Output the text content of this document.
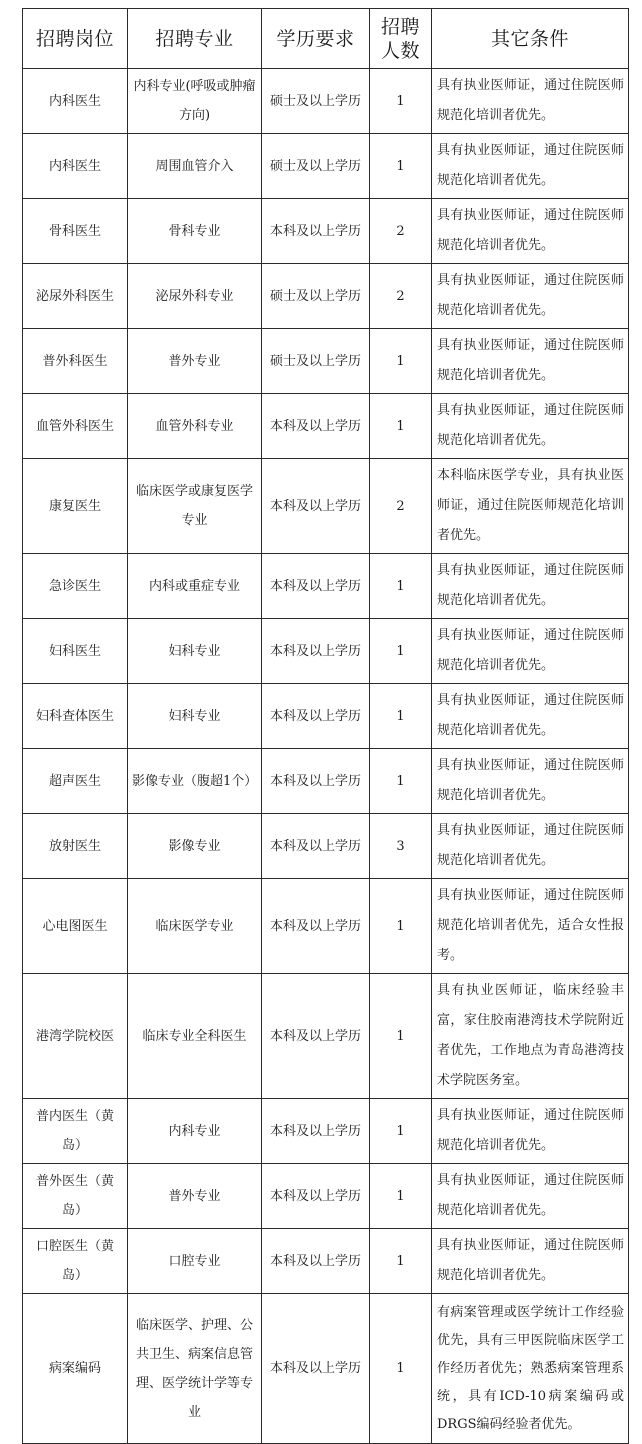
招聘岗位	招聘专业	学历要求	招聘人数	其它条件
内科医生	内科专业(呼吸或肿瘤方向)	硕士及以上学历	1	具有执业医师证，通过住院医师规范化培训者优先。
内科医生	周围血管介入	硕士及以上学历	1	具有执业医师证，通过住院医师规范化培训者优先。
骨科医生	骨科专业	本科及以上学历	2	具有执业医师证，通过住院医师规范化培训者优先。
泌尿外科医生	泌尿外科专业	硕士及以上学历	2	具有执业医师证，通过住院医师规范化培训者优先。
普外科医生	普外专业	硕士及以上学历	1	具有执业医师证，通过住院医师规范化培训者优先。
血管外科医生	血管外科专业	本科及以上学历	1	具有执业医师证，通过住院医师规范化培训者优先。
康复医生	临床医学或康复医学专业	本科及以上学历	2	本科临床医学专业，具有执业医师证，通过住院医师规范化培训者优先。
急诊医生	内科或重症专业	本科及以上学历	1	具有执业医师证，通过住院医师规范化培训者优先。
妇科医生	妇科专业	本科及以上学历	1	具有执业医师证，通过住院医师规范化培训者优先。
妇科查体医生	妇科专业	本科及以上学历	1	具有执业医师证，通过住院医师规范化培训者优先。
超声医生	影像专业（腹超1个）	本科及以上学历	1	具有执业医师证，通过住院医师规范化培训者优先。
放射医生	影像专业	本科及以上学历	3	具有执业医师证，通过住院医师规范化培训者优先。
心电图医生	临床医学专业	本科及以上学历	1	具有执业医师证，通过住院医师规范化培训者优先，适合女性报考。
港湾学院校医	临床专业全科医生	本科及以上学历	1	具有执业医师证，临床经验丰富，家住胶南港湾技术学院附近者优先，工作地点为青岛港湾技术学院医务室。
普内医生（黄岛）	内科专业	本科及以上学历	1	具有执业医师证，通过住院医师规范化培训者优先。
普外医生（黄岛）	普外专业	本科及以上学历	1	具有执业医师证，通过住院医师规范化培训者优先。
口腔医生（黄岛）	口腔专业	本科及以上学历	1	具有执业医师证，通过住院医师规范化培训者优先。
病案编码	临床医学、护理、公共卫生、病案信息管理、医学统计学等专业	本科及以上学历	1	有病案管理或医学统计工作经验优先，具有三甲医院临床医学工作经历者优先；熟悉病案管理系统，具有ICD-10病案编码或DRGS编码经验者优先。
